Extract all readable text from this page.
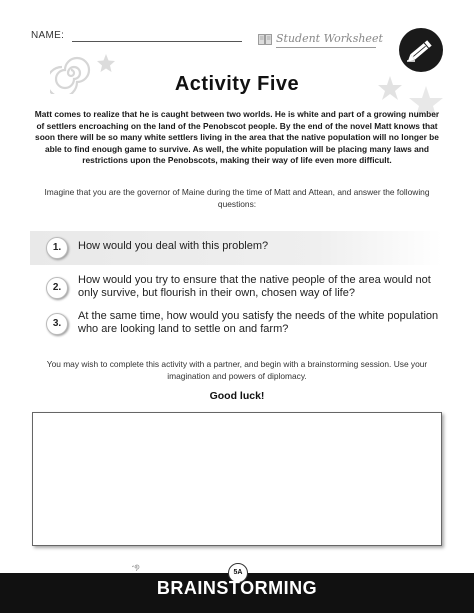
NAME:	Student Worksheet
Activity Five
Matt comes to realize that he is caught between two worlds. He is white and part of a growing number of settlers encroaching on the land of the Penobscot people. By the end of the novel Matt knows that soon there will be so many white settlers living in the area that the native population will no longer be able to find enough game to survive. As well, the white population will be placing many laws and restrictions upon the Penobscots, making their way of life even more difficult.
Imagine that you are the governor of Maine during the time of Matt and Attean, and answer the following questions:
1.	How would you deal with this problem?
2.
How would you try to ensure that the native people of the area would not only survive, but flourish in their own, chosen way of life?
3.
At the same time, how would you satisfy the needs of the white population who are looking land to settle on and farm?
You may wish to complete this activity with a partner, and begin with a brainstorming session. Use your imagination and powers of diplomacy.
Good luck!
5A
BRAINSTORMING
